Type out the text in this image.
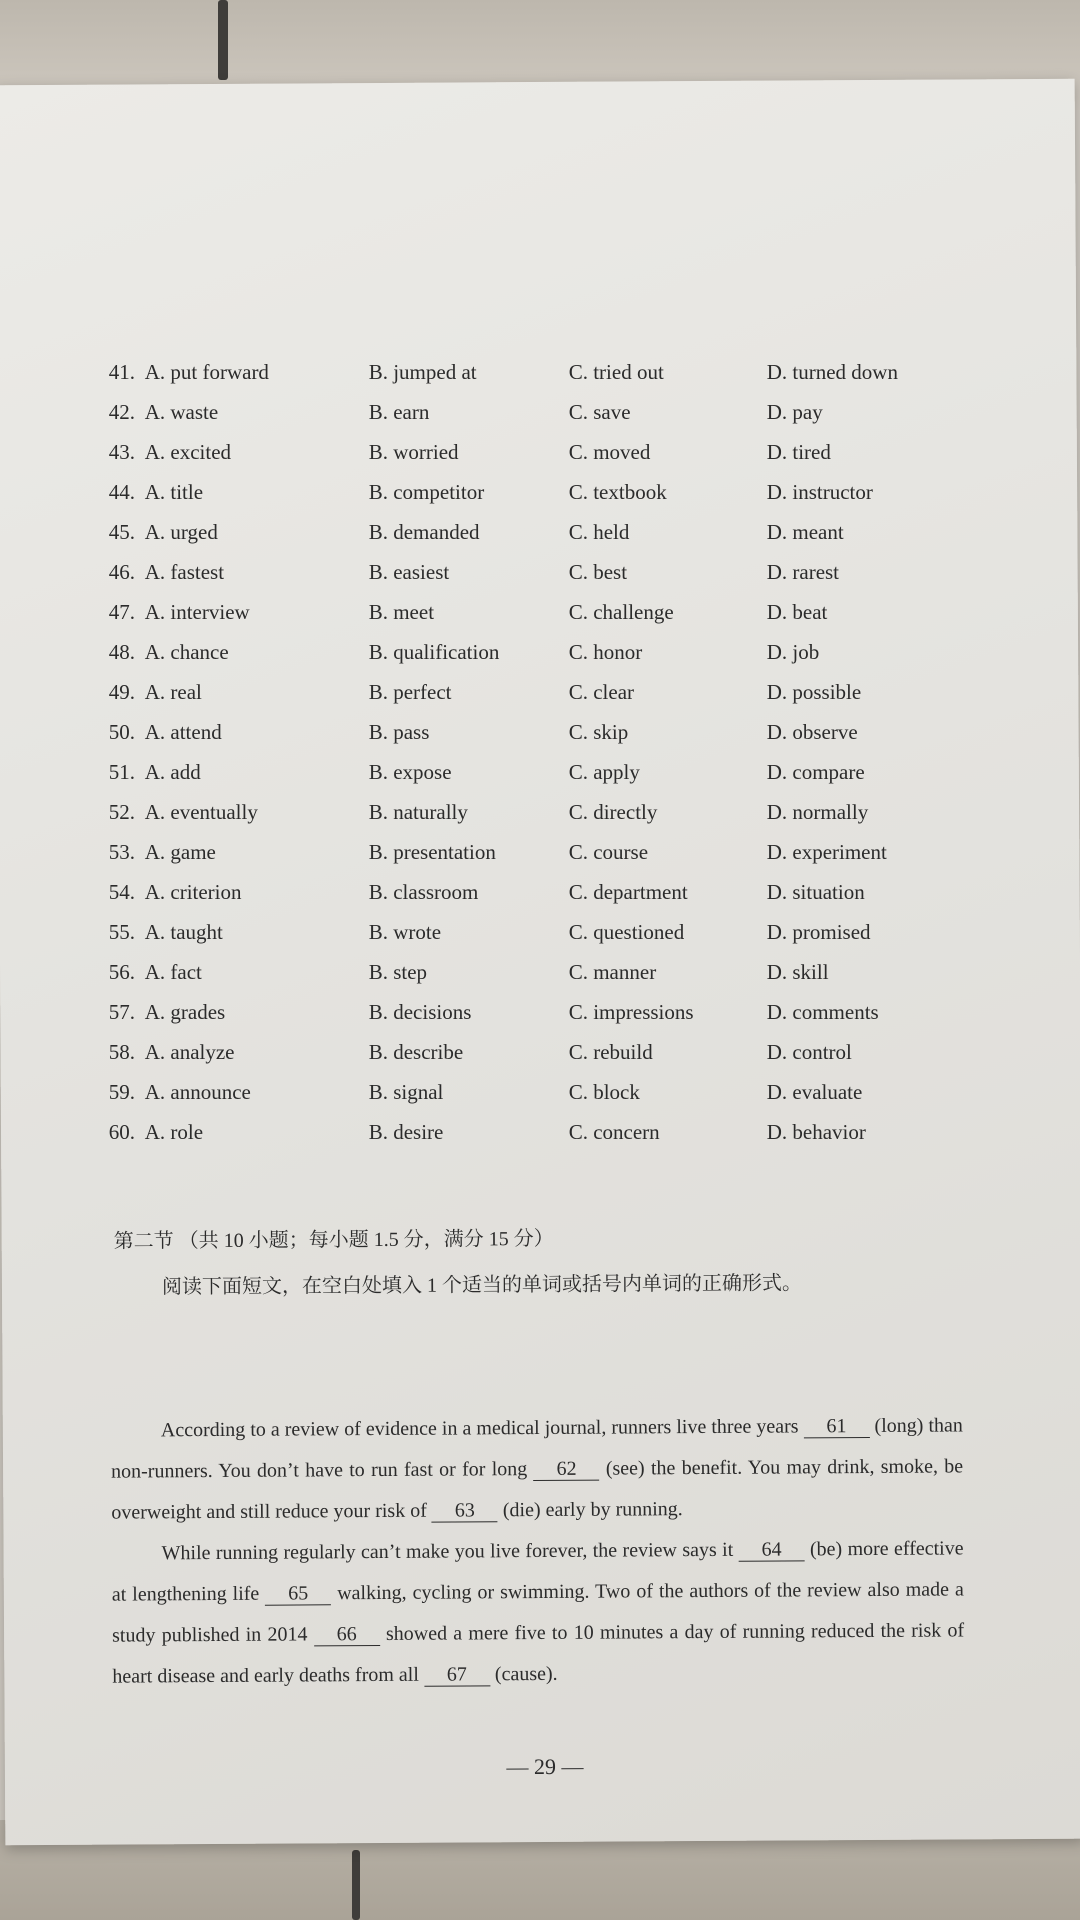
41. A. put forward	B. jumped at	C. tried out	D. turned down
42. A. waste	B. earn	C. save	D. pay
43. A. excited	B. worried	C. moved	D. tired
44. A. title	B. competitor	C. textbook	D. instructor
45. A. urged	B. demanded	C. held	D. meant
46. A. fastest	B. easiest	C. best	D. rarest
47. A. interview	B. meet	C. challenge	D. beat
48. A. chance	B. qualification	C. honor	D. job
49. A. real	B. perfect	C. clear	D. possible
50. A. attend	B. pass	C. skip	D. observe
51. A. add	B. expose	C. apply	D. compare
52. A. eventually	B. naturally	C. directly	D. normally
53. A. game	B. presentation	C. course	D. experiment
54. A. criterion	B. classroom	C. department	D. situation
55. A. taught	B. wrote	C. questioned	D. promised
56. A. fact	B. step	C. manner	D. skill
57. A. grades	B. decisions	C. impressions	D. comments
58. A. analyze	B. describe	C. rebuild	D. control
59. A. announce	B. signal	C. block	D. evaluate
60. A. role	B. desire	C. concern	D. behavior
第二节 （共 10 小题；每小题 1.5 分，满分 15 分）
阅读下面短文，在空白处填入 1 个适当的单词或括号内单词的正确形式。

According to a review of evidence in a medical journal, runners live three years 61 (long) than non-runners. You don’t have to run fast or for long 62 (see) the benefit. You may drink, smoke, be overweight and still reduce your risk of 63 (die) early by running.

While running regularly can’t make you live forever, the review says it 64 (be) more effective at lengthening life 65 walking, cycling or swimming. Two of the authors of the review also made a study published in 2014 66 showed a mere five to 10 minutes a day of running reduced the risk of heart disease and early deaths from all 67 (cause).

— 29 —
